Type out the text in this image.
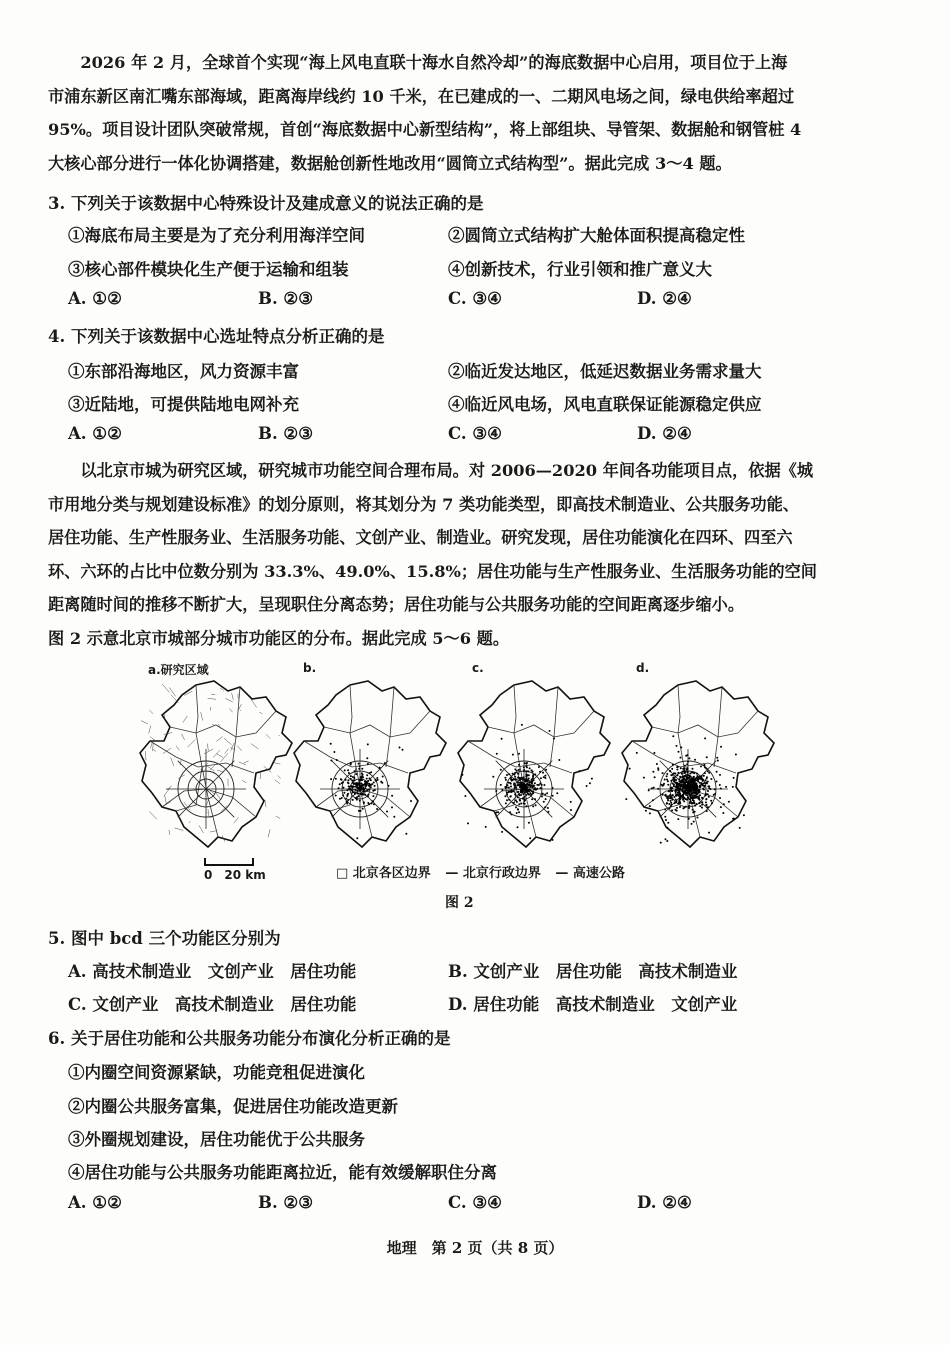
　　2026 年 2 月，全球首个实现“海上风电直联十海水自然冷却”的海底数据中心启用，项目位于上海
市浦东新区南汇嘴东部海域，距离海岸线约 10 千米，在已建成的一、二期风电场之间，绿电供给率超过
95%。项目设计团队突破常规，首创“海底数据中心新型结构”，将上部组块、导管架、数据舱和钢管桩 4
大核心部分进行一体化协调搭建，数据舱创新性地改用“圆筒立式结构型”。据此完成 3～4 题。
3. 下列关于该数据中心特殊设计及建成意义的说法正确的是
①海底布局主要是为了充分利用海洋空间	②圆筒立式结构扩大舱体面积提高稳定性
③核心部件模块化生产便于运输和组装	④创新技术，行业引领和推广意义大
A. ①②	B. ②③	C. ③④	D. ②④
4. 下列关于该数据中心选址特点分析正确的是
①东部沿海地区，风力资源丰富	②临近发达地区，低延迟数据业务需求量大
③近陆地，可提供陆地电网补充	④临近风电场，风电直联保证能源稳定供应
A. ①②	B. ②③	C. ③④	D. ②④
　　以北京市城为研究区域，研究城市功能空间合理布局。对 2006—2020 年间各功能项目点，依据《城
市用地分类与规划建设标准》的划分原则，将其划分为 7 类功能类型，即高技术制造业、公共服务功能、
居住功能、生产性服务业、生活服务功能、文创产业、制造业。研究发现，居住功能演化在四环、四至六
环、六环的占比中位数分别为 33.3%、49.0%、15.8%；居住功能与生产性服务业、生活服务功能的空间
距离随时间的推移不断扩大，呈现职住分离态势；居住功能与公共服务功能的空间距离逐步缩小。
图 2 示意北京市城部分城市功能区的分布。据此完成 5～6 题。
a.研究区域	b.	c.	d.
0　20 km	□ 北京各区边界 — 北京行政边界 — 高速公路
图 2
5. 图中 bcd 三个功能区分别为
A. 高技术制造业　文创产业　居住功能	B. 文创产业　居住功能　高技术制造业
C. 文创产业　高技术制造业　居住功能	D. 居住功能　高技术制造业　文创产业
6. 关于居住功能和公共服务功能分布演化分析正确的是
①内圈空间资源紧缺，功能竞租促进演化
②内圈公共服务富集，促进居住功能改造更新
③外圈规划建设，居住功能优于公共服务
④居住功能与公共服务功能距离拉近，能有效缓解职住分离
A. ①②	B. ②③	C. ③④	D. ②④
地理　第 2 页（共 8 页）
